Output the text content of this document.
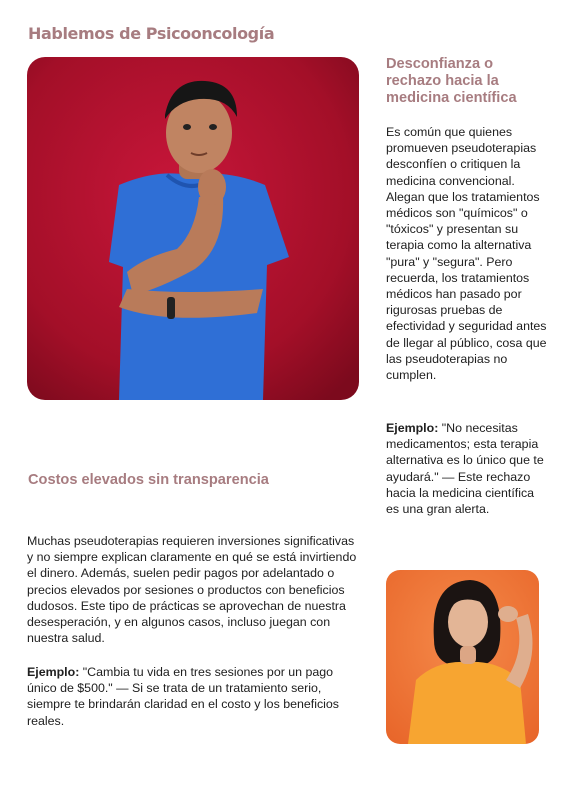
Hablemos de Psicooncología
Desconfianza o rechazo hacia la medicina científica
Es común que quienes promueven pseudoterapias desconfíen o critiquen la medicina convencional. Alegan que los tratamientos médicos son "químicos" o "tóxicos" y presentan su terapia como la alternativa "pura" y "segura". Pero recuerda, los tratamientos médicos han pasado por rigurosas pruebas de efectividad y seguridad antes de llegar al público, cosa que las pseudoterapias no cumplen.
Ejemplo: "No necesitas medicamentos; esta terapia alternativa es lo único que te ayudará." — Este rechazo hacia la medicina científica es una gran alerta.
Costos elevados sin transparencia
Muchas pseudoterapias requieren inversiones significativas y no siempre explican claramente en qué se está invirtiendo el dinero. Además, suelen pedir pagos por adelantado o precios elevados por sesiones o productos con beneficios dudosos. Este tipo de prácticas se aprovechan de nuestra desesperación, y en algunos casos, incluso juegan con nuestra salud.
Ejemplo: "Cambia tu vida en tres sesiones por un pago único de $500." — Si se trata de un tratamiento serio, siempre te brindarán claridad en el costo y los beneficios reales.
